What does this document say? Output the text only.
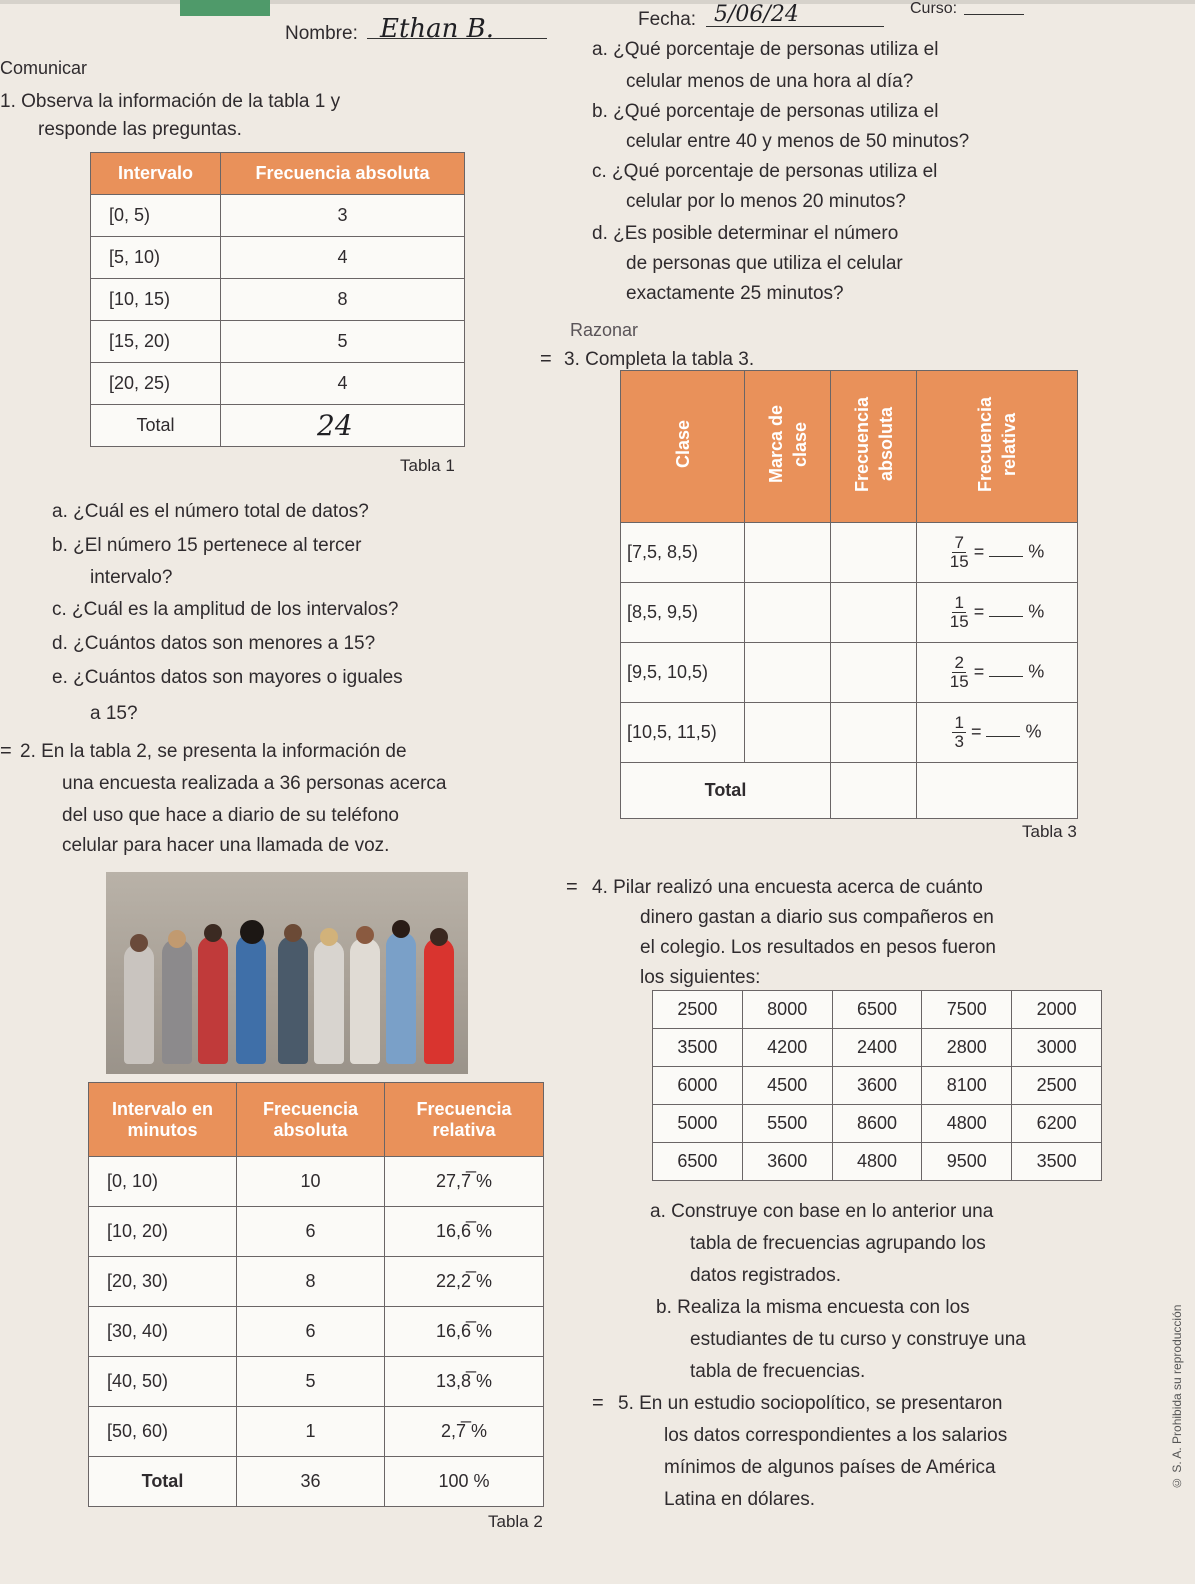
Nombre: Ethan B.	Fecha: 5/06/24	Curso:
Comunicar
1. Observa la información de la tabla 1 y
responde las preguntas.
Intervalo	Frecuencia absoluta
[0, 5)	3
[5, 10)	4
[10, 15)	8
[15, 20)	5
[20, 25)	4
Total	24
Tabla 1
a. ¿Cuál es el número total de datos?
b. ¿El número 15 pertenece al tercer
intervalo?
c. ¿Cuál es la amplitud de los intervalos?
d. ¿Cuántos datos son menores a 15?
e. ¿Cuántos datos son mayores o iguales
a 15?
= 2. En la tabla 2, se presenta la información de
una encuesta realizada a 36 personas acerca
del uso que hace a diario de su teléfono
celular para hacer una llamada de voz.
Intervalo en minutos	Frecuencia absoluta	Frecuencia relativa
[0, 10)	10	27,7̅ %
[10, 20)	6	16,6̅ %
[20, 30)	8	22,2̅ %
[30, 40)	6	16,6̅ %
[40, 50)	5	13,8̅ %
[50, 60)	1	2,7̅ %
Total	36	100 %
Tabla 2
a. ¿Qué porcentaje de personas utiliza el
celular menos de una hora al día?
b. ¿Qué porcentaje de personas utiliza el
celular entre 40 y menos de 50 minutos?
c. ¿Qué porcentaje de personas utiliza el
celular por lo menos 20 minutos?
d. ¿Es posible determinar el número
de personas que utiliza el celular
exactamente 25 minutos?
Razonar
= 3. Completa la tabla 3.
Clase	Marca de clase	Frecuencia absoluta	Frecuencia relativa
[7,5, 8,5)			$\frac{7}{15}$ = %
[8,5, 9,5)			$\frac{1}{15}$ = %
[9,5, 10,5)			$\frac{2}{15}$ = %
[10,5, 11,5)			$\frac{1}{3}$ = %
Total			
Tabla 3
= 4. Pilar realizó una encuesta acerca de cuánto
dinero gastan a diario sus compañeros en
el colegio. Los resultados en pesos fueron
los siguientes:
2500	8000	6500	7500	2000
3500	4200	2400	2800	3000
6000	4500	3600	8100	2500
5000	5500	8600	4800	6200
6500	3600	4800	9500	3500
a. Construye con base en lo anterior una
tabla de frecuencias agrupando los
datos registrados.
b. Realiza la misma encuesta con los
estudiantes de tu curso y construye una
tabla de frecuencias.
= 5. En un estudio sociopolítico, se presentaron
los datos correspondientes a los salarios
mínimos de algunos países de América
Latina en dólares.
© S. A. Prohibida su reproducción
